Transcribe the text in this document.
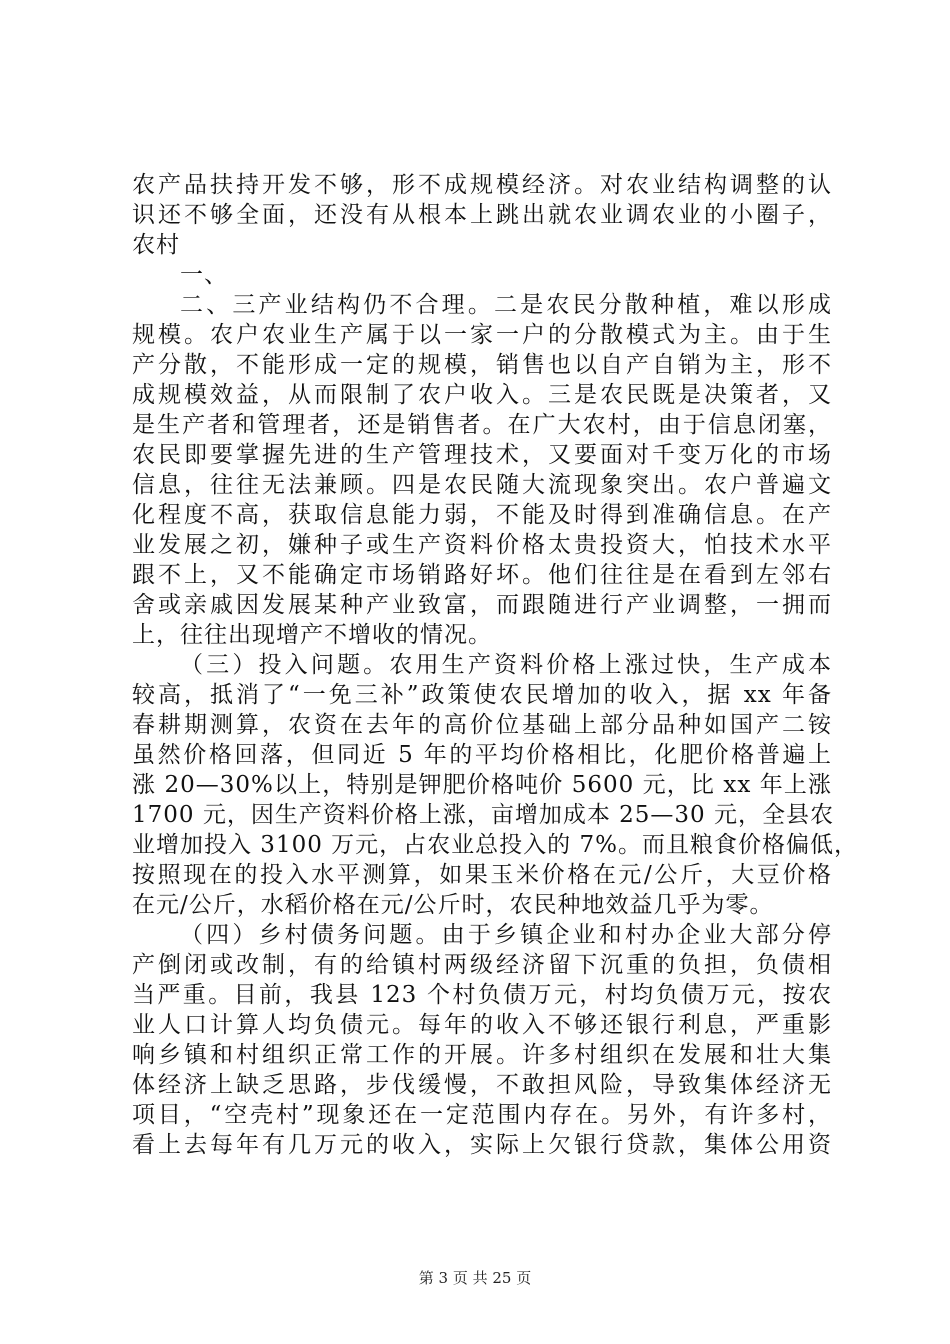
农产品扶持开发不够，形不成规模经济。对农业结构调整的认
识还不够全面，还没有从根本上跳出就农业调农业的小圈子，
农村
一、
二、三产业结构仍不合理。二是农民分散种植，难以形成
规模。农户农业生产属于以一家一户的分散模式为主。由于生
产分散，不能形成一定的规模，销售也以自产自销为主，形不
成规模效益，从而限制了农户收入。三是农民既是决策者，又
是生产者和管理者，还是销售者。在广大农村，由于信息闭塞，
农民即要掌握先进的生产管理技术，又要面对千变万化的市场
信息，往往无法兼顾。四是农民随大流现象突出。农户普遍文
化程度不高，获取信息能力弱，不能及时得到准确信息。在产
业发展之初，嫌种子或生产资料价格太贵投资大，怕技术水平
跟不上，又不能确定市场销路好坏。他们往往是在看到左邻右
舍或亲戚因发展某种产业致富，而跟随进行产业调整，一拥而
上，往往出现增产不增收的情况。
（三）投入问题。农用生产资料价格上涨过快，生产成本
较高，抵消了“一免三补”政策使农民增加的收入，据 xx 年备
春耕期测算，农资在去年的高价位基础上部分品种如国产二铵
虽然价格回落，但同近 5 年的平均价格相比，化肥价格普遍上
涨 20—30%以上，特别是钾肥价格吨价 5600 元，比 xx 年上涨
1700 元，因生产资料价格上涨，亩增加成本 25—30 元，全县农
业增加投入 3100 万元，占农业总投入的 7%。而且粮食价格偏低，
按照现在的投入水平测算，如果玉米价格在元/公斤，大豆价格
在元/公斤，水稻价格在元/公斤时，农民种地效益几乎为零。
（四）乡村债务问题。由于乡镇企业和村办企业大部分停
产倒闭或改制，有的给镇村两级经济留下沉重的负担，负债相
当严重。目前，我县 123 个村负债万元，村均负债万元，按农
业人口计算人均负债元。每年的收入不够还银行利息，严重影
响乡镇和村组织正常工作的开展。许多村组织在发展和壮大集
体经济上缺乏思路，步伐缓慢，不敢担风险，导致集体经济无
项目，“空壳村”现象还在一定范围内存在。另外，有许多村，
看上去每年有几万元的收入，实际上欠银行贷款，集体公用资
第 3 页 共 25 页
